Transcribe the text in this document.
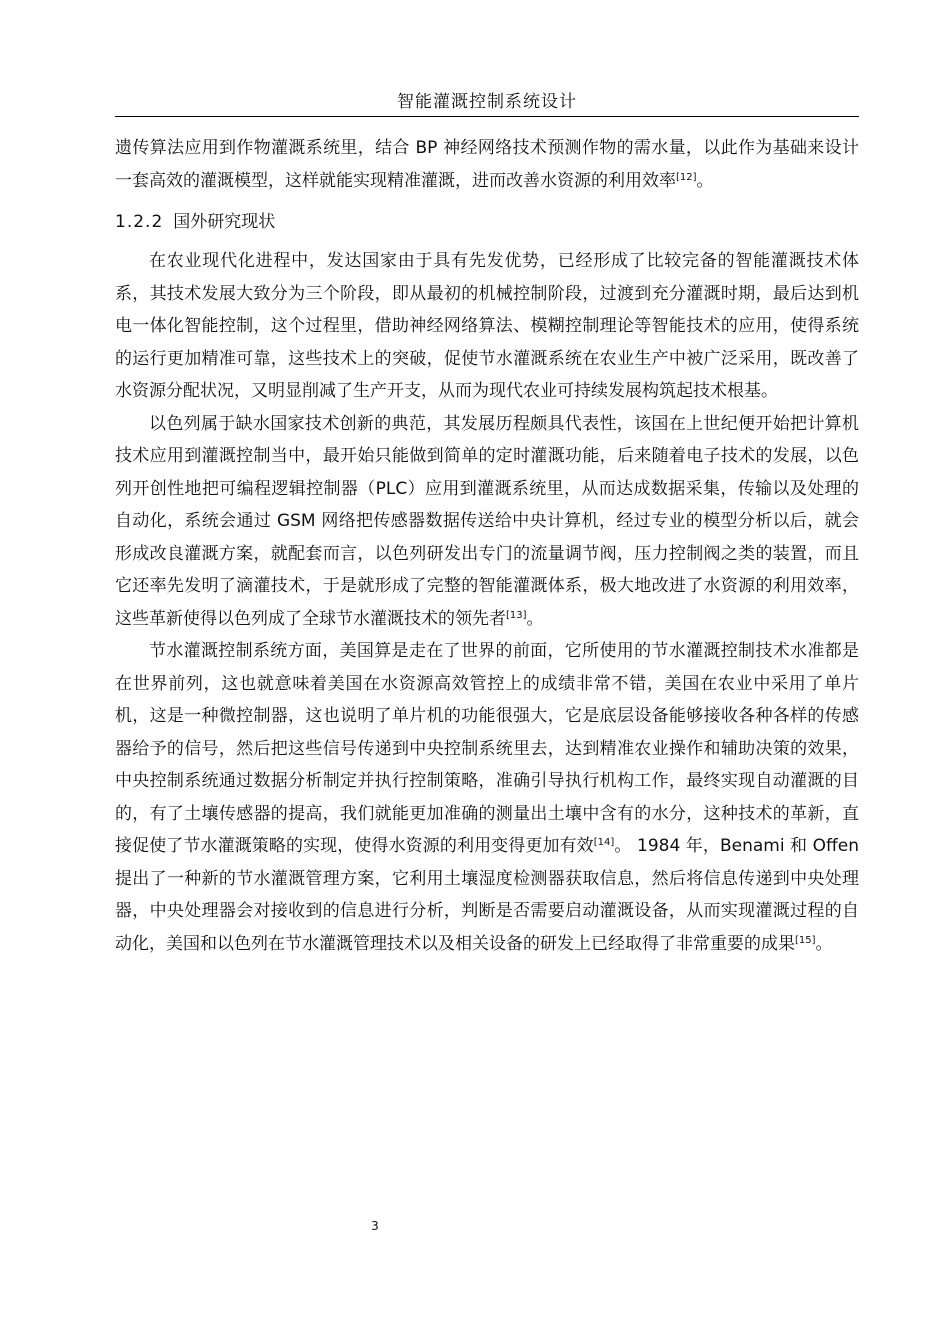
智能灌溉控制系统设计

遗传算法应用到作物灌溉系统里，结合 BP 神经网络技术预测作物的需水量，以此作为基础来设计一套高效的灌溉模型，这样就能实现精准灌溉，进而改善水资源的利用效率[12]。

1.2.2 国外研究现状

在农业现代化进程中，发达国家由于具有先发优势，已经形成了比较完备的智能灌溉技术体系，其技术发展大致分为三个阶段，即从最初的机械控制阶段，过渡到充分灌溉时期，最后达到机电一体化智能控制，这个过程里，借助神经网络算法、模糊控制理论等智能技术的应用，使得系统的运行更加精准可靠，这些技术上的突破，促使节水灌溉系统在农业生产中被广泛采用，既改善了水资源分配状况，又明显削减了生产开支，从而为现代农业可持续发展构筑起技术根基。

以色列属于缺水国家技术创新的典范，其发展历程颇具代表性，该国在上世纪便开始把计算机技术应用到灌溉控制当中，最开始只能做到简单的定时灌溉功能，后来随着电子技术的发展，以色列开创性地把可编程逻辑控制器（PLC）应用到灌溉系统里，从而达成数据采集，传输以及处理的自动化，系统会通过 GSM 网络把传感器数据传送给中央计算机，经过专业的模型分析以后，就会形成改良灌溉方案，就配套而言，以色列研发出专门的流量调节阀，压力控制阀之类的装置，而且它还率先发明了滴灌技术，于是就形成了完整的智能灌溉体系，极大地改进了水资源的利用效率，这些革新使得以色列成了全球节水灌溉技术的领先者[13]。

节水灌溉控制系统方面，美国算是走在了世界的前面，它所使用的节水灌溉控制技术水准都是在世界前列，这也就意味着美国在水资源高效管控上的成绩非常不错，美国在农业中采用了单片机，这是一种微控制器，这也说明了单片机的功能很强大，它是底层设备能够接收各种各样的传感器给予的信号，然后把这些信号传递到中央控制系统里去，达到精准农业操作和辅助决策的效果，中央控制系统通过数据分析制定并执行控制策略，准确引导执行机构工作，最终实现自动灌溉的目的，有了土壤传感器的提高，我们就能更加准确的测量出土壤中含有的水分，这种技术的革新，直接促使了节水灌溉策略的实现，使得水资源的利用变得更加有效[14]。 1984 年，Benami 和 Offen 提出了一种新的节水灌溉管理方案，它利用土壤湿度检测器获取信息，然后将信息传递到中央处理器，中央处理器会对接收到的信息进行分析，判断是否需要启动灌溉设备，从而实现灌溉过程的自动化，美国和以色列在节水灌溉管理技术以及相关设备的研发上已经取得了非常重要的成果[15]。

3
